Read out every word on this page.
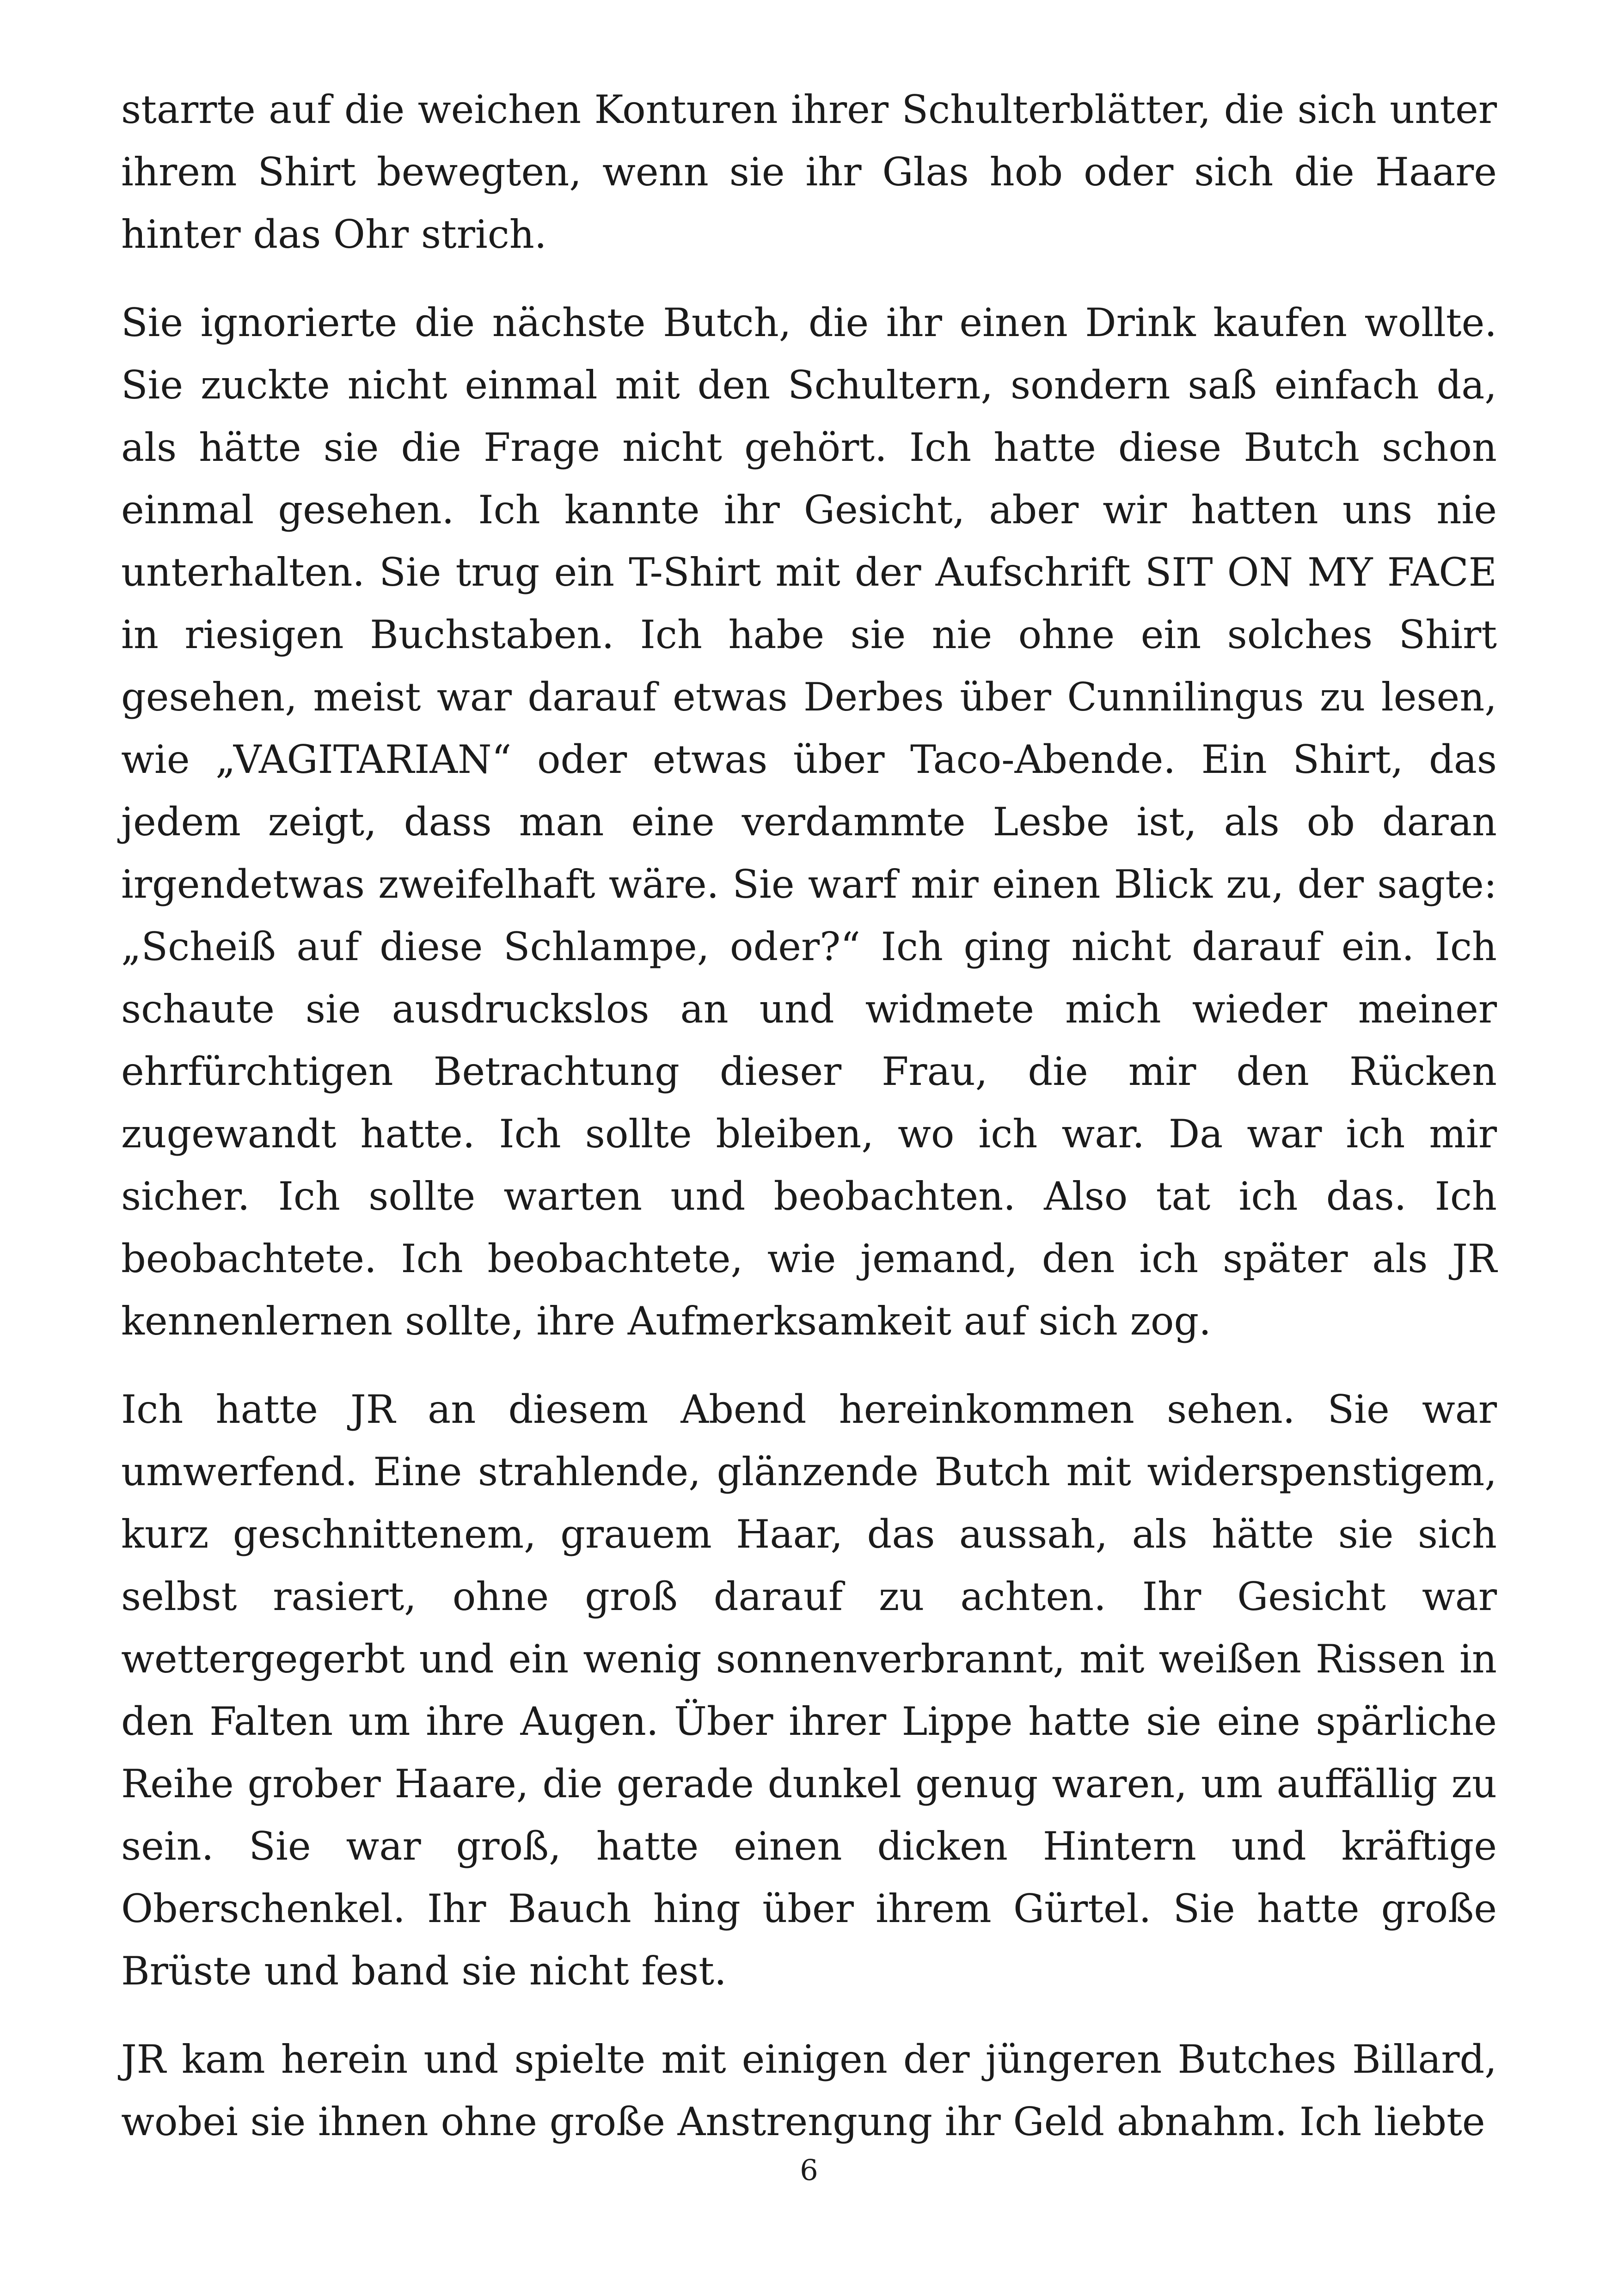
starrte auf die weichen Konturen ihrer Schulterblätter, die sich unter ihrem Shirt bewegten, wenn sie ihr Glas hob oder sich die Haare hinter das Ohr strich.

Sie ignorierte die nächste Butch, die ihr einen Drink kaufen wollte. Sie zuckte nicht einmal mit den Schultern, sondern saß einfach da, als hätte sie die Frage nicht gehört. Ich hatte diese Butch schon einmal gesehen. Ich kannte ihr Gesicht, aber wir hatten uns nie unterhalten. Sie trug ein T-Shirt mit der Aufschrift SIT ON MY FACE in riesigen Buchstaben. Ich habe sie nie ohne ein solches Shirt gesehen, meist war darauf etwas Derbes über Cunnilingus zu lesen, wie „VAGITARIAN“ oder etwas über Taco-Abende. Ein Shirt, das jedem zeigt, dass man eine verdammte Lesbe ist, als ob daran irgendetwas zweifelhaft wäre. Sie warf mir einen Blick zu, der sagte: „Scheiß auf diese Schlampe, oder?“ Ich ging nicht darauf ein. Ich schaute sie ausdruckslos an und widmete mich wieder meiner ehrfürchtigen Betrachtung dieser Frau, die mir den Rücken zugewandt hatte. Ich sollte bleiben, wo ich war. Da war ich mir sicher. Ich sollte warten und beobachten. Also tat ich das. Ich beobachtete. Ich beobachtete, wie jemand, den ich später als JR kennenlernen sollte, ihre Aufmerksamkeit auf sich zog.

Ich hatte JR an diesem Abend hereinkommen sehen. Sie war umwerfend. Eine strahlende, glänzende Butch mit widerspenstigem, kurz geschnittenem, grauem Haar, das aussah, als hätte sie sich selbst rasiert, ohne groß darauf zu achten. Ihr Gesicht war wettergegerbt und ein wenig sonnenverbrannt, mit weißen Rissen in den Falten um ihre Augen. Über ihrer Lippe hatte sie eine spärliche Reihe grober Haare, die gerade dunkel genug waren, um auffällig zu sein. Sie war groß, hatte einen dicken Hintern und kräftige Oberschenkel. Ihr Bauch hing über ihrem Gürtel. Sie hatte große Brüste und band sie nicht fest.

JR kam herein und spielte mit einigen der jüngeren Butches Billard, wobei sie ihnen ohne große Anstrengung ihr Geld abnahm. Ich liebte

6
